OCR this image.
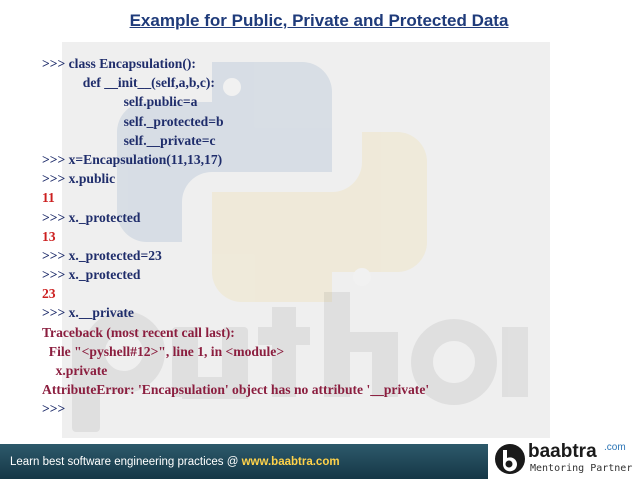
Example for Public, Private and Protected Data
>>> class Encapsulation():
def __init__(self,a,b,c):
self.public=a
self._protected=b
self.__private=c
>>> x=Encapsulation(11,13,17)
>>> x.public
11
>>> x._protected
13
>>> x._protected=23
>>> x._protected
23
>>> x.__private
Traceback (most recent call last):
File "<pyshell#12>", line 1, in <module>
x.private
AttributeError: 'Encapsulation' object has no attribute '__private'
>>>
Learn best software engineering practices @ www.baabtra.com	baabtra .com
Mentoring Partner
